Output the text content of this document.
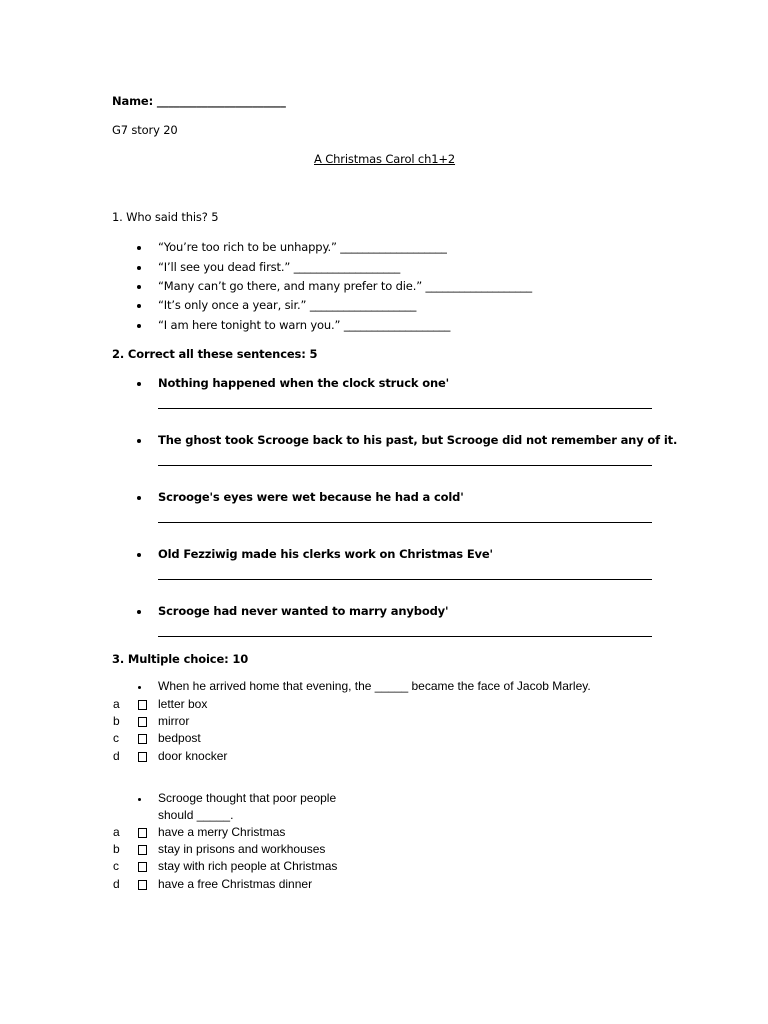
Name: _______________________
G7 story 20
A Christmas Carol ch1+2
1. Who said this? 5
“You’re too rich to be unhappy.” ___________________
“I’ll see you dead first.” ___________________
“Many can’t go there, and many prefer to die.” ___________________
“It’s only once a year, sir.” ___________________
“I am here tonight to warn you.” ___________________
2. Correct all these sentences: 5
Nothing happened when the clock struck one'
The ghost took Scrooge back to his past, but Scrooge did not remember any of it.
Scrooge's eyes were wet because he had a cold'
Old Fezziwig made his clerks work on Christmas Eve'
Scrooge had never wanted to marry anybody'
3. Multiple choice: 10
When he arrived home that evening, the _____ became the face of Jacob Marley.
a	letter box
b	mirror
c	bedpost
d	door knocker
Scrooge thought that poor people
should _____.
a	have a merry Christmas
b	stay in prisons and workhouses
c	stay with rich people at Christmas
d	have a free Christmas dinner
